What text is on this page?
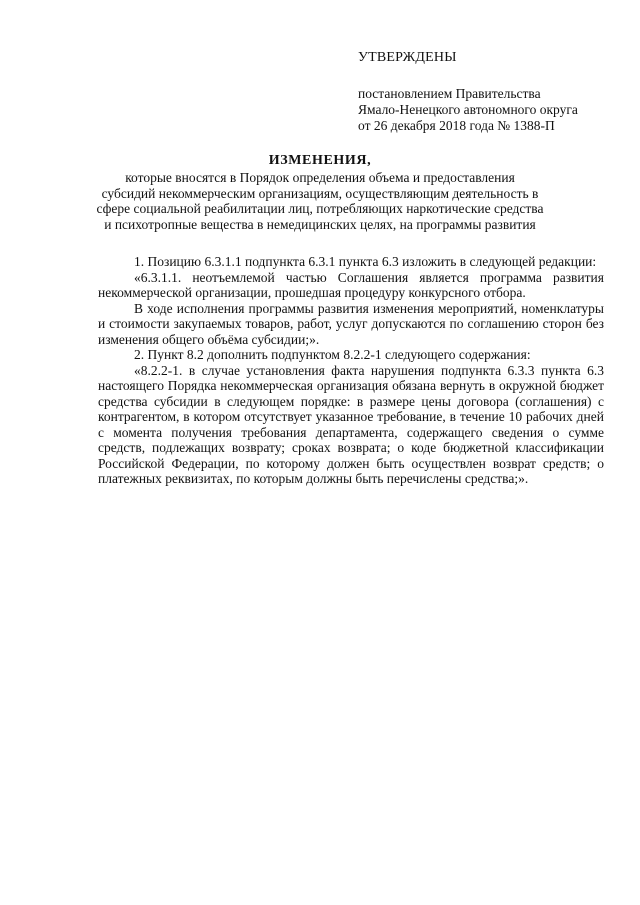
УТВЕРЖДЕНЫ
постановлением Правительства
Ямало-Ненецкого автономного округа
от 26 декабря 2018 года № 1388-П
ИЗМЕНЕНИЯ,
которые вносятся в Порядок определения объема и предоставления
субсидий некоммерческим организациям, осуществляющим деятельность в
сфере социальной реабилитации лиц, потребляющих наркотические средства
и психотропные вещества в немедицинских целях, на программы развития

1. Позицию 6.3.1.1 подпункта 6.3.1 пункта 6.3 изложить в следующей редакции:

«6.3.1.1. неотъемлемой частью Соглашения является программа развития некоммерческой организации, прошедшая процедуру конкурсного отбора.

В ходе исполнения программы развития изменения мероприятий, номенклатуры и стоимости закупаемых товаров, работ, услуг допускаются по соглашению сторон без изменения общего объёма субсидии;».

2. Пункт 8.2 дополнить подпунктом 8.2.2-1 следующего содержания:

«8.2.2-1. в случае установления факта нарушения подпункта 6.3.3 пункта 6.3 настоящего Порядка некоммерческая организация обязана вернуть в окружной бюджет средства субсидии в следующем порядке: в размере цены договора (соглашения) с контрагентом, в котором отсутствует указанное требование, в течение 10 рабочих дней с момента получения требования департамента, содержащего сведения о сумме средств, подлежащих возврату; сроках возврата; о коде бюджетной классификации Российской Федерации, по которому должен быть осуществлен возврат средств; о платежных реквизитах, по которым должны быть перечислены средства;».
